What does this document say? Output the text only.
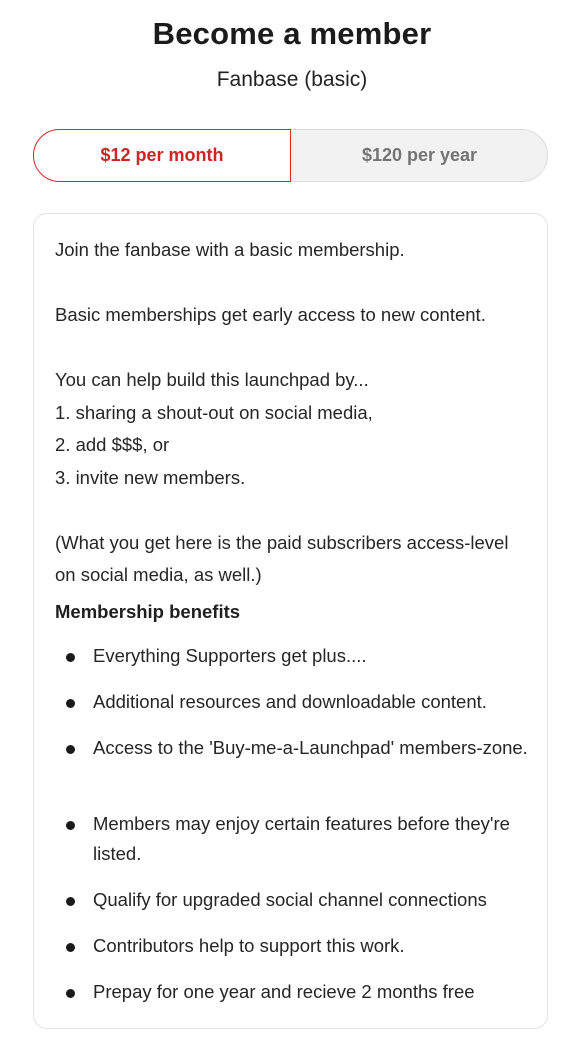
Become a member
Fanbase (basic)
$12 per month	$120 per year

Join the fanbase with a basic membership.

Basic memberships get early access to new content.

You can help build this launchpad by...

1. sharing a shout-out on social media,

2. add $$$, or

3. invite new members.

(What you get here is the paid subscribers access-level on social media, as well.)

Membership benefits
Everything Supporters get plus....
Additional resources and downloadable content.
Access to the 'Buy-me-a-Launchpad' members-zone.
Members may enjoy certain features before they're listed.
Qualify for upgraded social channel connections
Contributors help to support this work.
Prepay for one year and recieve 2 months free
